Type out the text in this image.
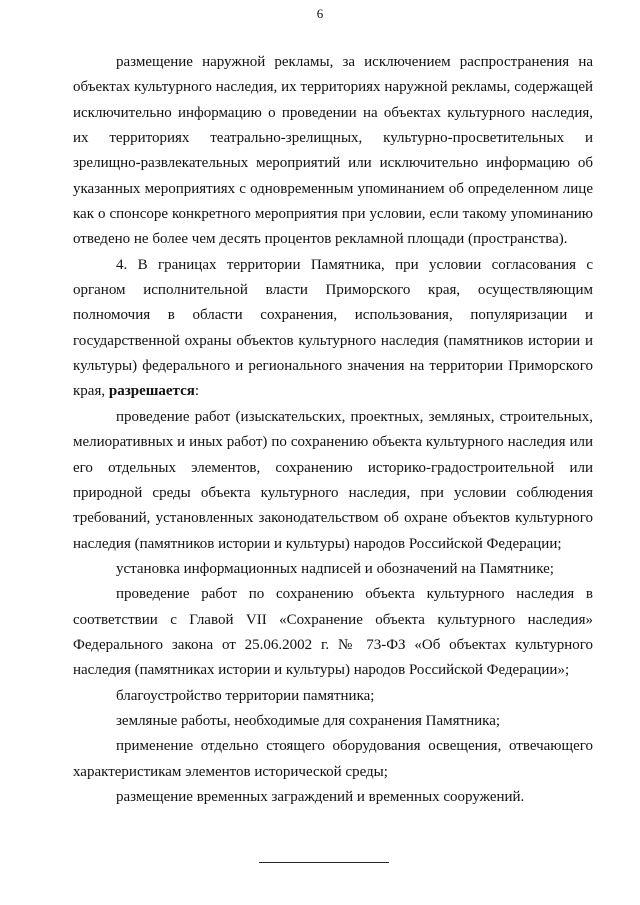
6

размещение наружной рекламы, за исключением распространения на объектах культурного наследия, их территориях наружной рекламы, содержащей исключительно информацию о проведении на объектах культурного наследия, их территориях театрально-зрелищных, культурно-просветительных и зрелищно-развлекательных мероприятий или исключительно информацию об указанных мероприятиях с одновременным упоминанием об определенном лице как о спонсоре конкретного мероприятия при условии, если такому упоминанию отведено не более чем десять процентов рекламной площади (пространства).

4. В границах территории Памятника, при условии согласования с органом исполнительной власти Приморского края, осуществляющим полномочия в области сохранения, использования, популяризации и государственной охраны объектов культурного наследия (памятников истории и культуры) федерального и регионального значения на территории Приморского края, разрешается:

проведение работ (изыскательских, проектных, земляных, строительных, мелиоративных и иных работ) по сохранению объекта культурного наследия или его отдельных элементов, сохранению историко-градостроительной или природной среды объекта культурного наследия, при условии соблюдения требований, установленных законодательством об охране объектов культурного наследия (памятников истории и культуры) народов Российской Федерации;

установка информационных надписей и обозначений на Памятнике;

проведение работ по сохранению объекта культурного наследия в соответствии с Главой VII «Сохранение объекта культурного наследия» Федерального закона от 25.06.2002 г. № 73-ФЗ «Об объектах культурного наследия (памятниках истории и культуры) народов Российской Федерации»;

благоустройство территории памятника;

земляные работы, необходимые для сохранения Памятника;

применение отдельно стоящего оборудования освещения, отвечающего характеристикам элементов исторической среды;

размещение временных заграждений и временных сооружений.
